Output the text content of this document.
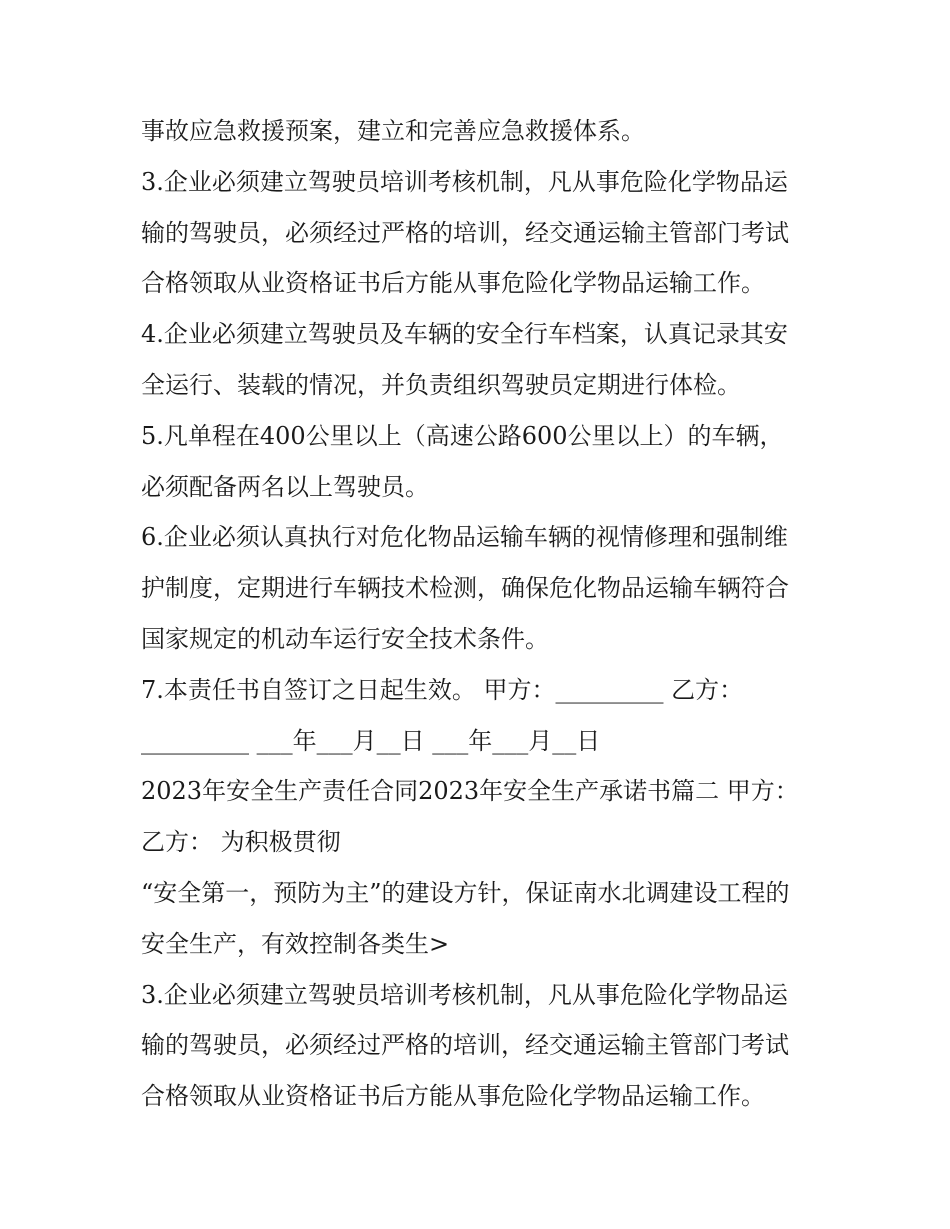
事故应急救援预案，建立和完善应急救援体系。
3.企业必须建立驾驶员培训考核机制，凡从事危险化学物品运
输的驾驶员，必须经过严格的培训，经交通运输主管部门考试
合格领取从业资格证书后方能从事危险化学物品运输工作。
4.企业必须建立驾驶员及车辆的安全行车档案，认真记录其安
全运行、装载的情况，并负责组织驾驶员定期进行体检。
5.凡单程在400公里以上（高速公路600公里以上）的车辆，
必须配备两名以上驾驶员。
6.企业必须认真执行对危化物品运输车辆的视情修理和强制维
护制度，定期进行车辆技术检测，确保危化物品运输车辆符合
国家规定的机动车运行安全技术条件。
7.本责任书自签订之日起生效。 甲方：_________ 乙方：
_________ ___年___月__日 ___年___月__日
2023年安全生产责任合同2023年安全生产承诺书篇二 甲方：
乙方： 为积极贯彻
“安全第一，预防为主”的建设方针，保证南水北调建设工程的
安全生产，有效控制各类生>
3.企业必须建立驾驶员培训考核机制，凡从事危险化学物品运
输的驾驶员，必须经过严格的培训，经交通运输主管部门考试
合格领取从业资格证书后方能从事危险化学物品运输工作。
